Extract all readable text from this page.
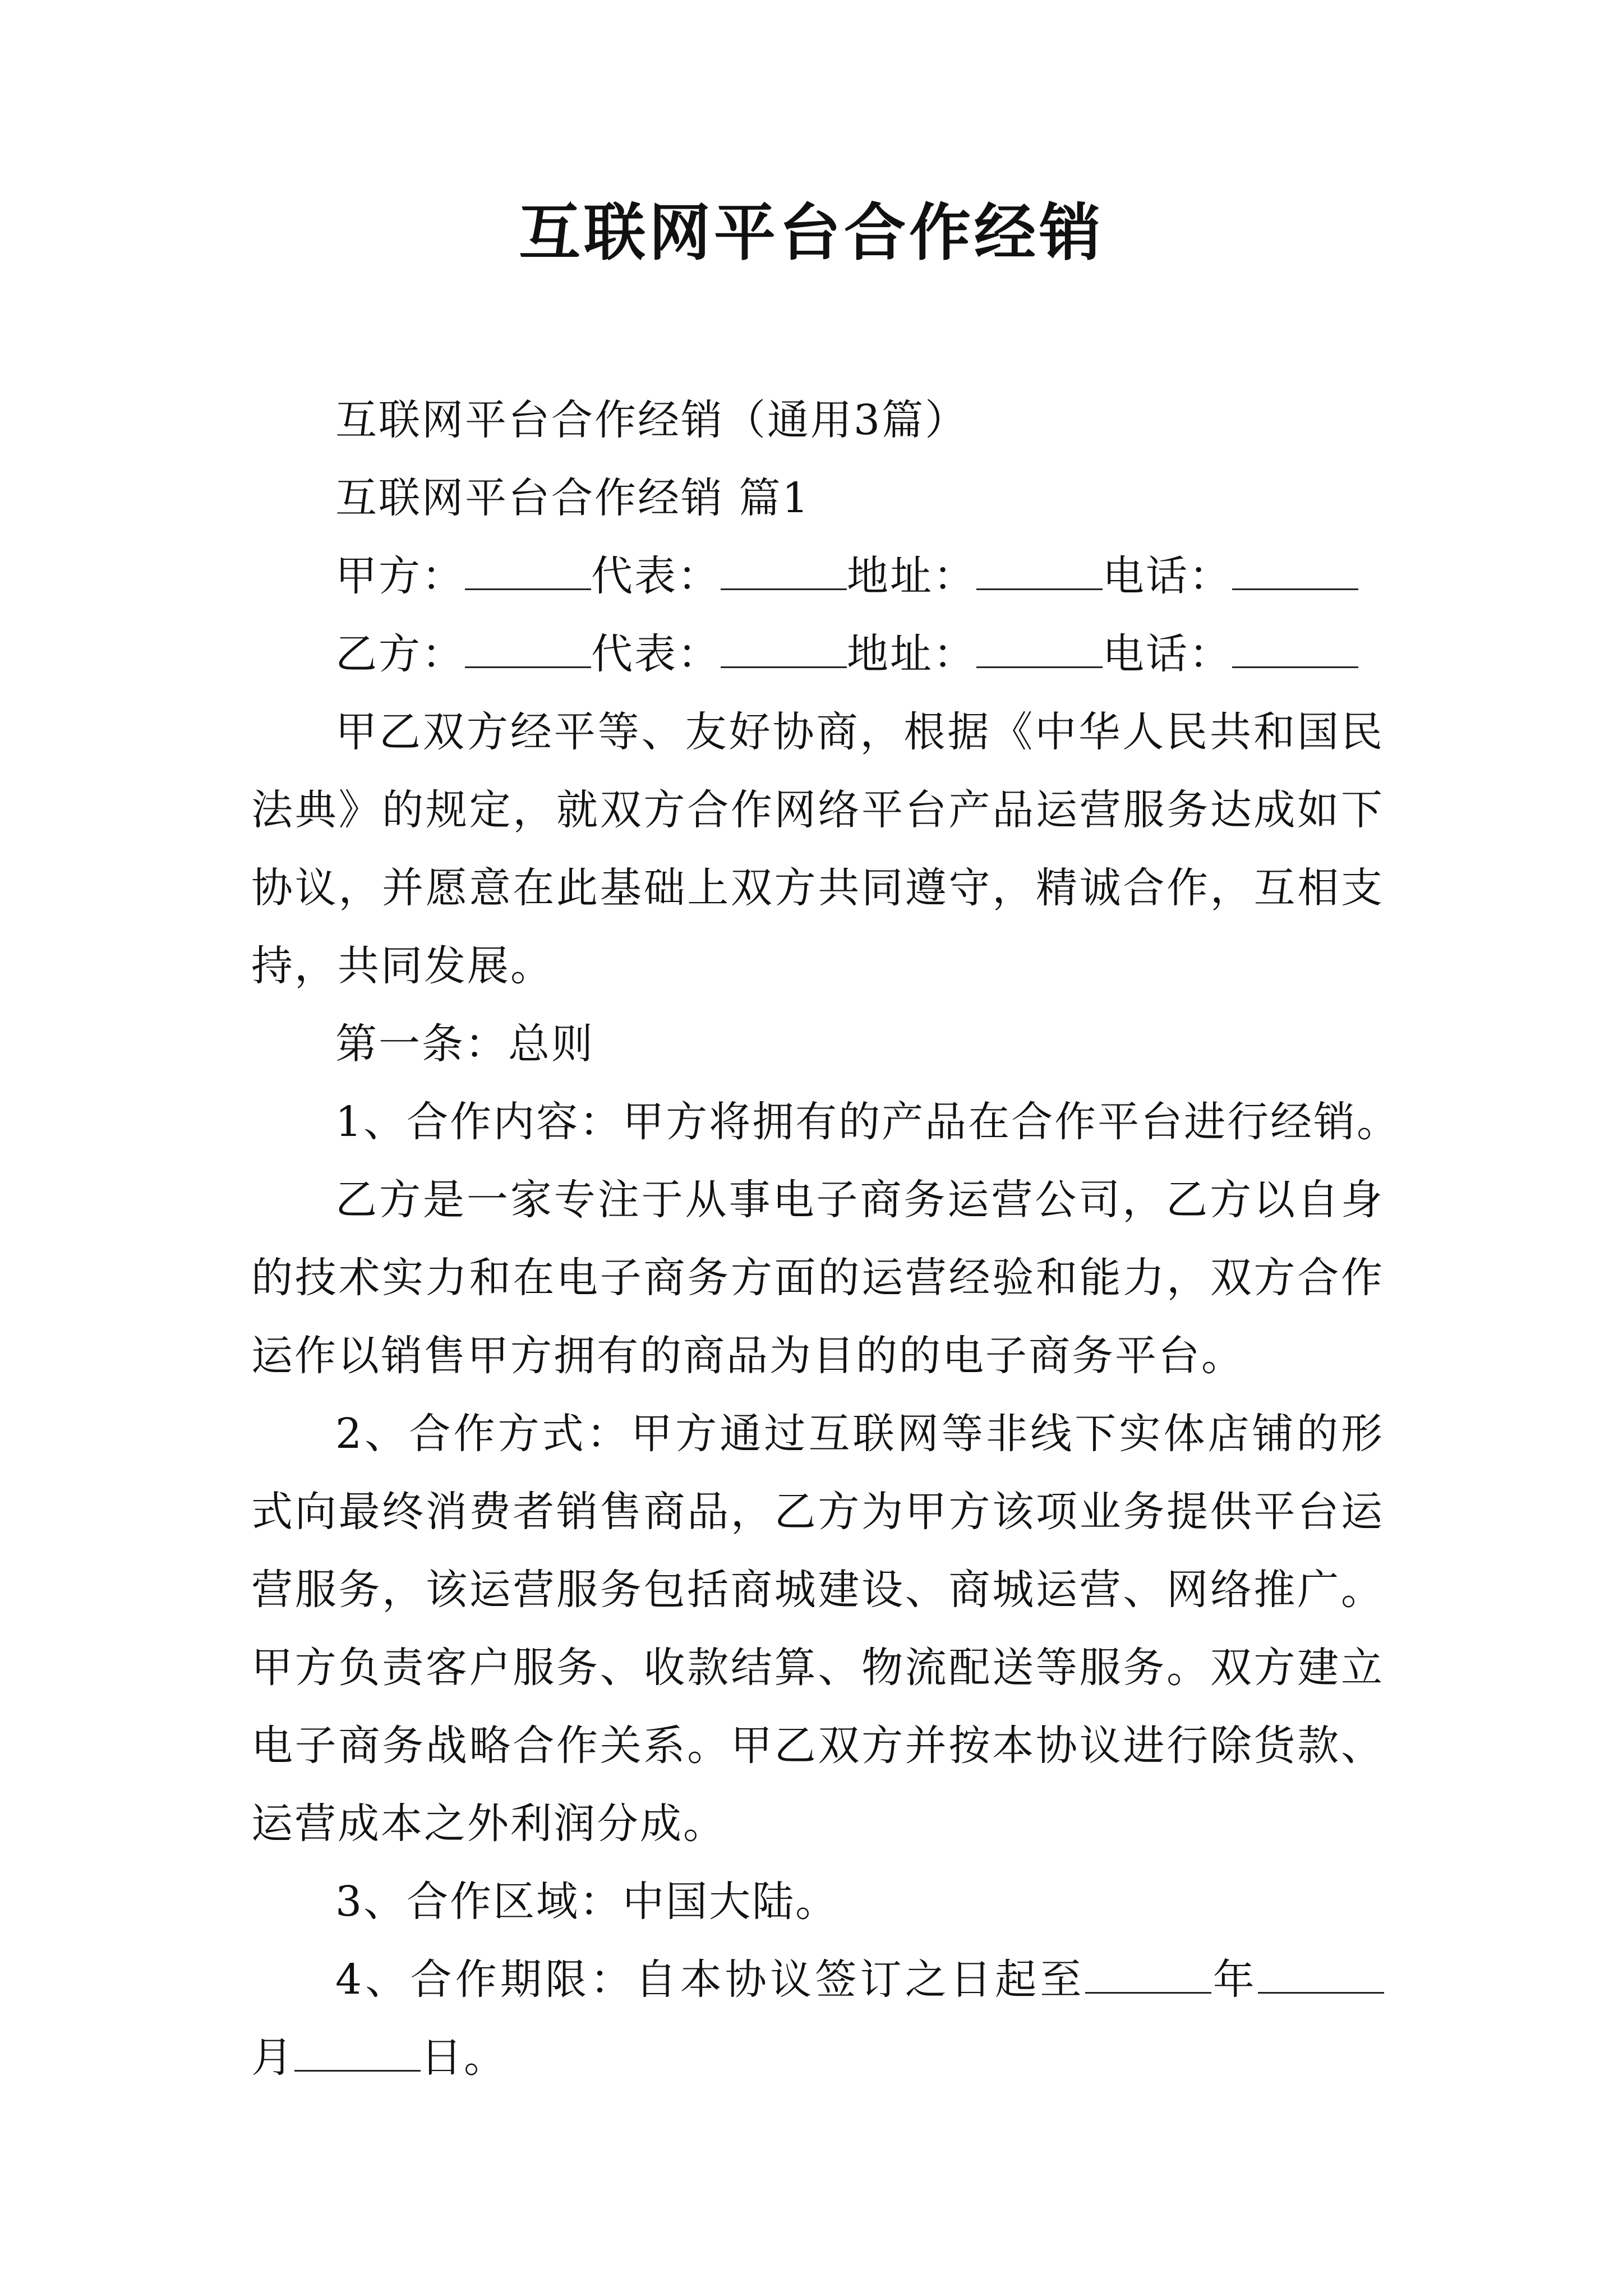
互联网平台合作经销

互联网平台合作经销（通用3篇）

互联网平台合作经销 篇1

甲方：	代表：	地址：	电话：

乙方：	代表：	地址：	电话：

甲乙双方经平等、友好协商，根据《中华人民共和国民法典》的规定，就双方合作网络平台产品运营服务达成如下协议，并愿意在此基础上双方共同遵守，精诚合作，互相支持，共同发展。

第一条：总则

1、合作内容：甲方将拥有的产品在合作平台进行经销。

乙方是一家专注于从事电子商务运营公司，乙方以自身的技术实力和在电子商务方面的运营经验和能力，双方合作运作以销售甲方拥有的商品为目的的电子商务平台。

2、合作方式：甲方通过互联网等非线下实体店铺的形式向最终消费者销售商品，乙方为甲方该项业务提供平台运营服务，该运营服务包括商城建设、商城运营、网络推广。甲方负责客户服务、收款结算、物流配送等服务。双方建立电子商务战略合作关系。甲乙双方并按本协议进行除货款、运营成本之外利润分成。

3、合作区域：中国大陆。

4、合作期限：自本协议签订之日起至	年月	日。
